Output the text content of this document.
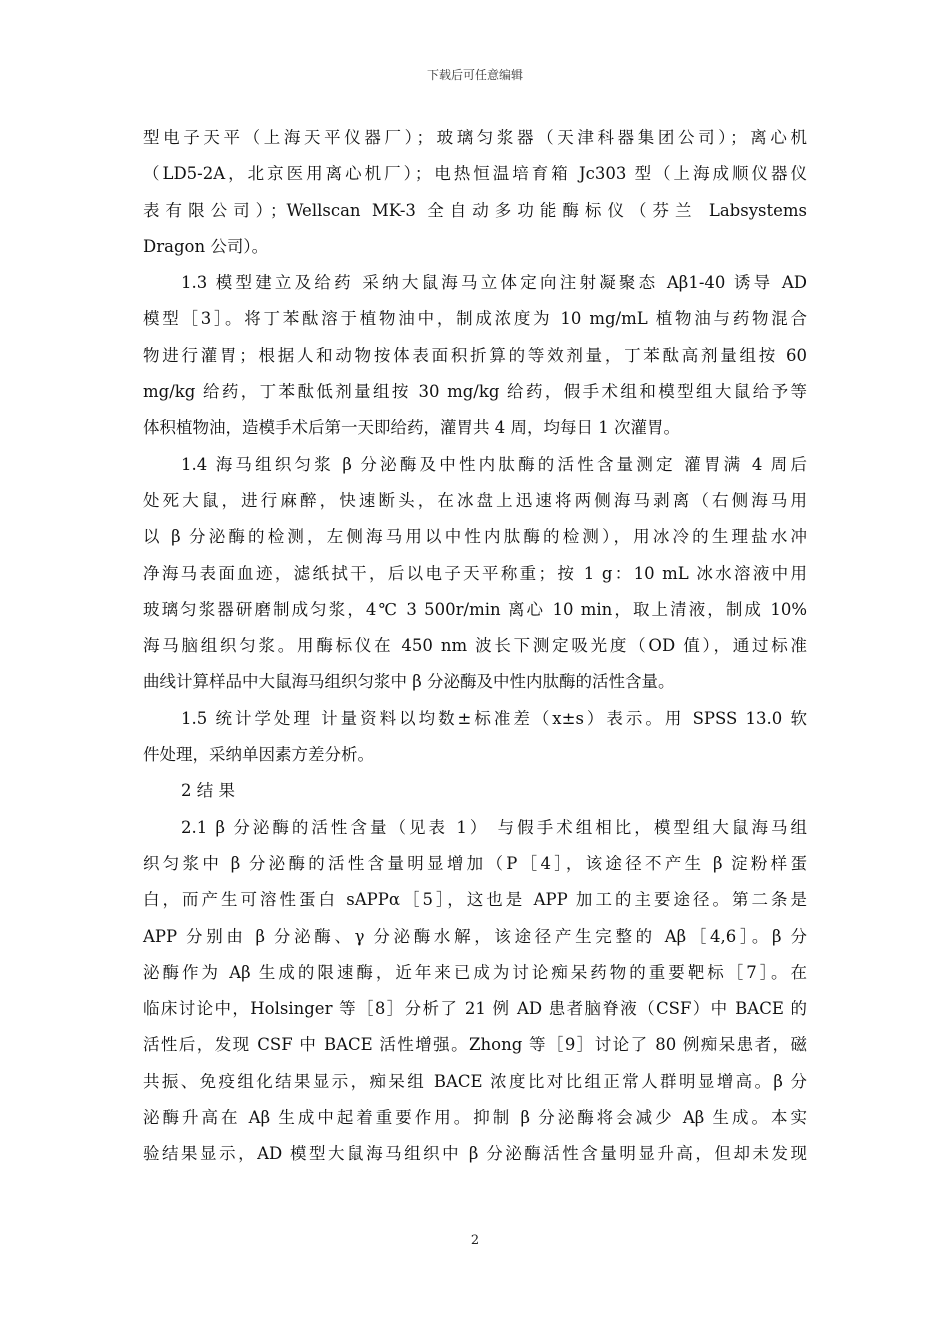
下载后可任意编辑
型电子天平（上海天平仪器厂）；玻璃匀浆器（天津科器集团公司）；离心机
（LD5-2A，北京医用离心机厂）；电热恒温培育箱 Jc303 型（上海成顺仪器仪
表有限公司）；Wellscan MK-3 全自动多功能酶标仪（芬兰 Labsystems
Dragon 公司）。
1.3 模型建立及给药 采纳大鼠海马立体定向注射凝聚态 Aβ1-40 诱导 AD
模型［3］。将丁苯酞溶于植物油中，制成浓度为 10 mg/mL 植物油与药物混合
物进行灌胃；根据人和动物按体表面积折算的等效剂量，丁苯酞高剂量组按 60
mg/kg 给药，丁苯酞低剂量组按 30 mg/kg 给药，假手术组和模型组大鼠给予等
体积植物油，造模手术后第一天即给药，灌胃共 4 周，均每日 1 次灌胃。
1.4 海马组织匀浆 β 分泌酶及中性内肽酶的活性含量测定 灌胃满 4 周后
处死大鼠，进行麻醉，快速断头，在冰盘上迅速将两侧海马剥离（右侧海马用
以 β 分泌酶的检测，左侧海马用以中性内肽酶的检测），用冰冷的生理盐水冲
净海马表面血迹，滤纸拭干，后以电子天平称重；按 1 g：10 mL 冰水溶液中用
玻璃匀浆器研磨制成匀浆，4℃ 3 500r/min 离心 10 min，取上清液，制成 10%
海马脑组织匀浆。用酶标仪在 450 nm 波长下测定吸光度（OD 值），通过标准
曲线计算样品中大鼠海马组织匀浆中 β 分泌酶及中性内肽酶的活性含量。
1.5 统计学处理 计量资料以均数±标准差（x±s）表示。用 SPSS 13.0 软
件处理，采纳单因素方差分析。
2 结 果
2.1 β 分泌酶的活性含量（见表 1） 与假手术组相比，模型组大鼠海马组
织匀浆中 β 分泌酶的活性含量明显增加（P［4］，该途径不产生 β 淀粉样蛋
白，而产生可溶性蛋白 sAPPα［5］，这也是 APP 加工的主要途径。第二条是
APP 分别由 β 分泌酶、γ 分泌酶水解，该途径产生完整的 Aβ［4,6］。β 分
泌酶作为 Aβ 生成的限速酶，近年来已成为讨论痴呆药物的重要靶标［7］。在
临床讨论中，Holsinger 等［8］分析了 21 例 AD 患者脑脊液（CSF）中 BACE 的
活性后，发现 CSF 中 BACE 活性增强。Zhong 等［9］讨论了 80 例痴呆患者，磁
共振、免疫组化结果显示，痴呆组 BACE 浓度比对比组正常人群明显增高。β 分
泌酶升高在 Aβ 生成中起着重要作用。抑制 β 分泌酶将会减少 Aβ 生成。本实
验结果显示，AD 模型大鼠海马组织中 β 分泌酶活性含量明显升高，但却未发现
2
